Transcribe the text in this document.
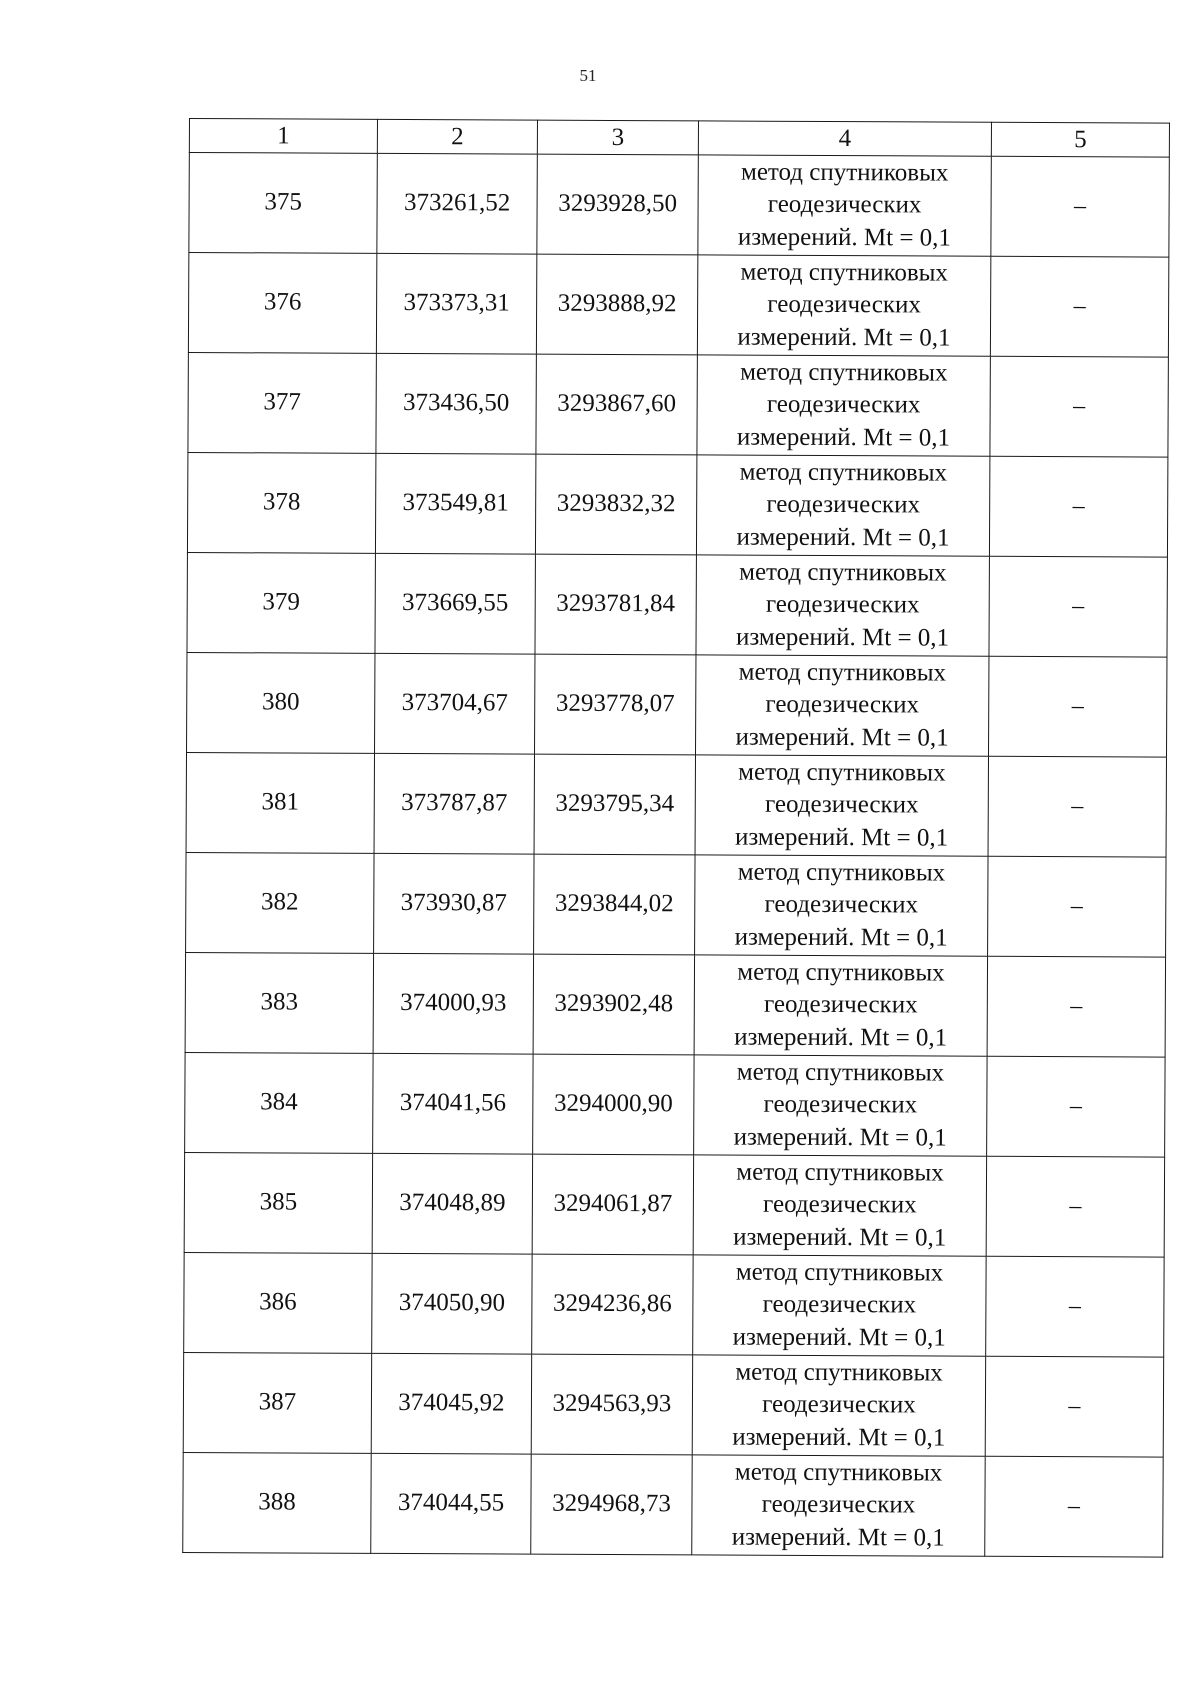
51
1	2	3	4	5
375	373261,52	3293928,50	метод спутниковых
геодезических
измерений. Mt = 0,1	–
376	373373,31	3293888,92	метод спутниковых
геодезических
измерений. Mt = 0,1	–
377	373436,50	3293867,60	метод спутниковых
геодезических
измерений. Mt = 0,1	–
378	373549,81	3293832,32	метод спутниковых
геодезических
измерений. Mt = 0,1	–
379	373669,55	3293781,84	метод спутниковых
геодезических
измерений. Mt = 0,1	–
380	373704,67	3293778,07	метод спутниковых
геодезических
измерений. Mt = 0,1	–
381	373787,87	3293795,34	метод спутниковых
геодезических
измерений. Mt = 0,1	–
382	373930,87	3293844,02	метод спутниковых
геодезических
измерений. Mt = 0,1	–
383	374000,93	3293902,48	метод спутниковых
геодезических
измерений. Mt = 0,1	–
384	374041,56	3294000,90	метод спутниковых
геодезических
измерений. Mt = 0,1	–
385	374048,89	3294061,87	метод спутниковых
геодезических
измерений. Mt = 0,1	–
386	374050,90	3294236,86	метод спутниковых
геодезических
измерений. Mt = 0,1	–
387	374045,92	3294563,93	метод спутниковых
геодезических
измерений. Mt = 0,1	–
388	374044,55	3294968,73	метод спутниковых
геодезических
измерений. Mt = 0,1	–
